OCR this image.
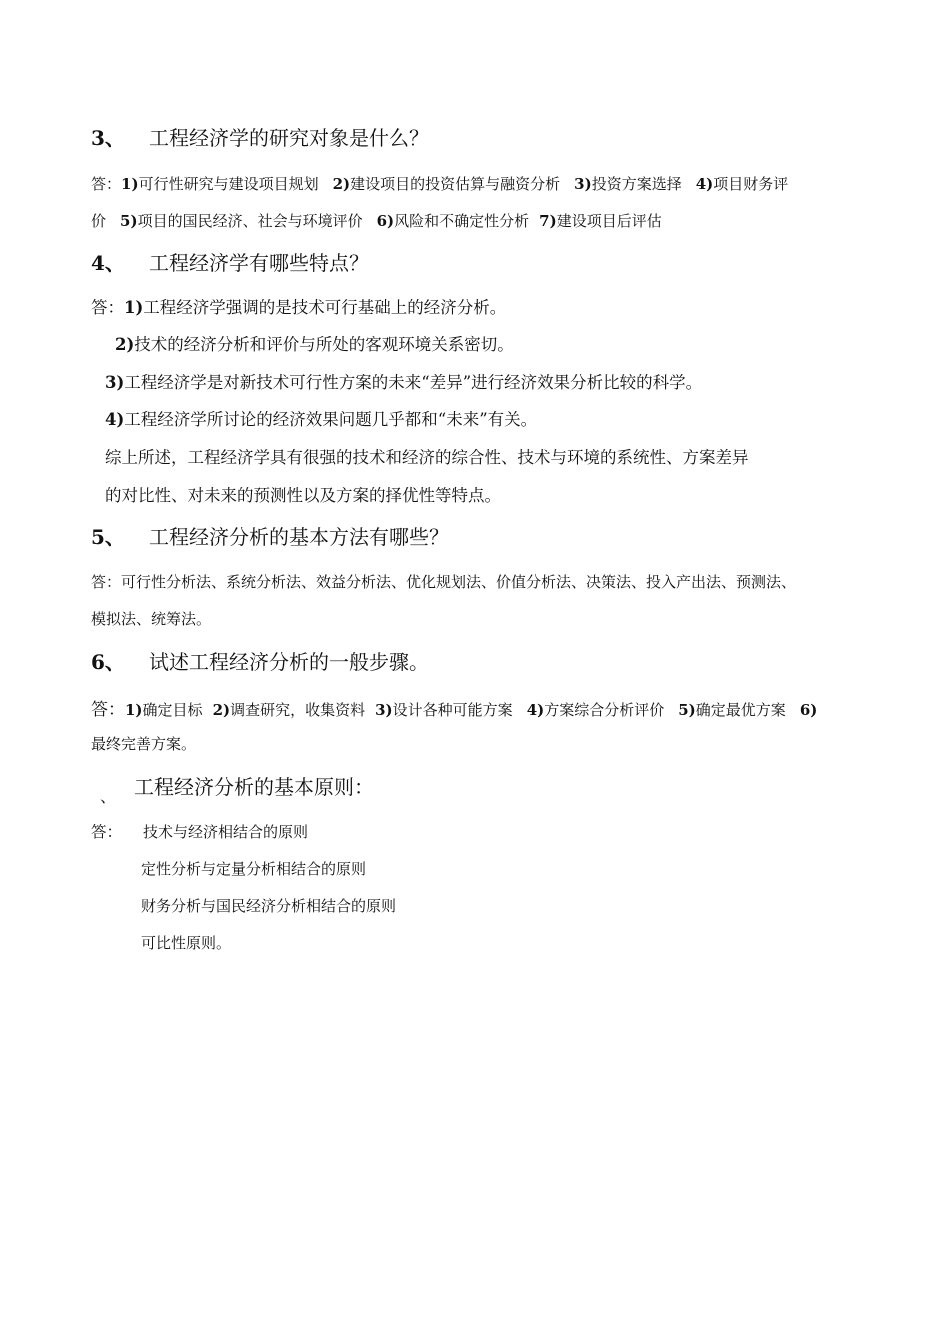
3、 工程经济学的研究对象是什么？
答：1)可行性研究与建设项目规划 2)建设项目的投资估算与融资分析 3)投资方案选择 4)项目财务评
价 5)项目的国民经济、社会与环境评价 6)风险和不确定性分析 7)建设项目后评估
4、 工程经济学有哪些特点？
答：1)工程经济学强调的是技术可行基础上的经济分析。
2)技术的经济分析和评价与所处的客观环境关系密切。
3)工程经济学是对新技术可行性方案的未来“差异”进行经济效果分析比较的科学。
4)工程经济学所讨论的经济效果问题几乎都和“未来”有关。
综上所述，工程经济学具有很强的技术和经济的综合性、技术与环境的系统性、方案差异
的对比性、对未来的预测性以及方案的择优性等特点。
5、 工程经济分析的基本方法有哪些？
答：可行性分析法、系统分析法、效益分析法、优化规划法、价值分析法、决策法、投入产出法、预测法、
模拟法、统筹法。
6、 试述工程经济分析的一般步骤。
答：1)确定目标 2)调查研究，收集资料 3)设计各种可能方案 4)方案综合分析评价 5)确定最优方案 6)
最终完善方案。
、 工程经济分析的基本原则：
答： 技术与经济相结合的原则
定性分析与定量分析相结合的原则
财务分析与国民经济分析相结合的原则
可比性原则。
